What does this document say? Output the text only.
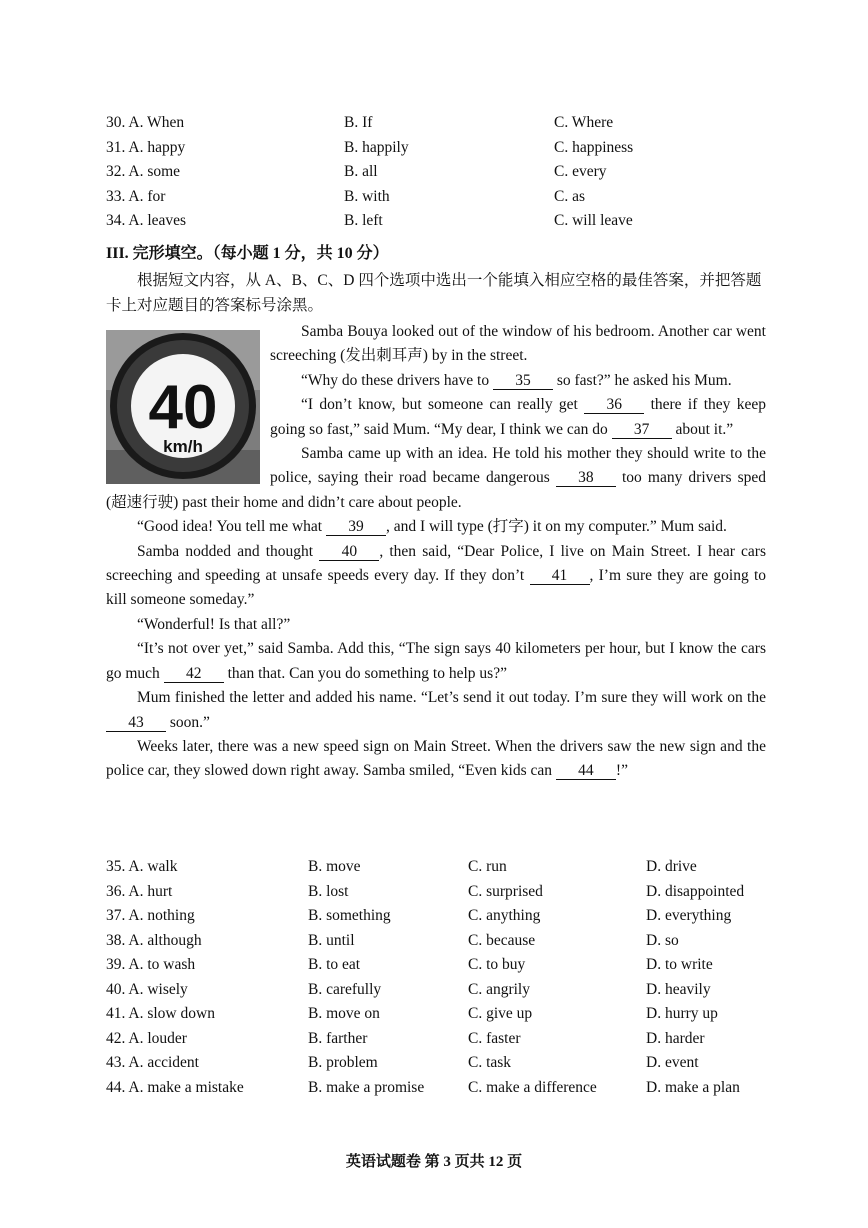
30. A. When	B. If	C. Where
31. A. happy	B. happily	C. happiness
32. A. some	B. all	C. every
33. A. for	B. with	C. as
34. A. leaves	B. left	C. will leave
III. 完形填空。（每小题 1 分，共 10 分）

根据短文内容，从 A、B、C、D 四个选项中选出一个能填入相应空格的最佳答案，并把答题卡上对应题目的答案标号涂黑。

40
km/h

Samba Bouya looked out of the window of his bedroom. Another car went screeching (发出刺耳声) by in the street.

“Why do these drivers have to 35 so fast?” he asked his Mum.

“I don’t know, but someone can really get 36 there if they keep going so fast,” said Mum. “My dear, I think we can do 37 about it.”

Samba came up with an idea. He told his mother they should write to the police, saying their road became dangerous 38 too many drivers sped (超速行驶) past their home and didn’t care about people.

“Good idea! You tell me what 39 , and I will type (打字) it on my computer.” Mum said.

Samba nodded and thought 40 , then said, “Dear Police, I live on Main Street. I hear cars screeching and speeding at unsafe speeds every day. If they don’t 41 , I’m sure they are going to kill someone someday.”

“Wonderful! Is that all?”

“It’s not over yet,” said Samba. Add this, “The sign says 40 kilometers per hour, but I know the cars go much 42 than that. Can you do something to help us?”

Mum finished the letter and added his name. “Let’s send it out today. I’m sure they will work on the 43 soon.”

Weeks later, there was a new speed sign on Main Street. When the drivers saw the new sign and the police car, they slowed down right away. Samba smiled, “Even kids can 44 !”

35. A. walk	B. move	C. run	D. drive
36. A. hurt	B. lost	C. surprised	D. disappointed
37. A. nothing	B. something	C. anything	D. everything
38. A. although	B. until	C. because	D. so
39. A. to wash	B. to eat	C. to buy	D. to write
40. A. wisely	B. carefully	C. angrily	D. heavily
41. A. slow down	B. move on	C. give up	D. hurry up
42. A. louder	B. farther	C. faster	D. harder
43. A. accident	B. problem	C. task	D. event
44. A. make a mistake	B. make a promise	C. make a difference	D. make a plan
英语试题卷 第 3 页共 12 页
